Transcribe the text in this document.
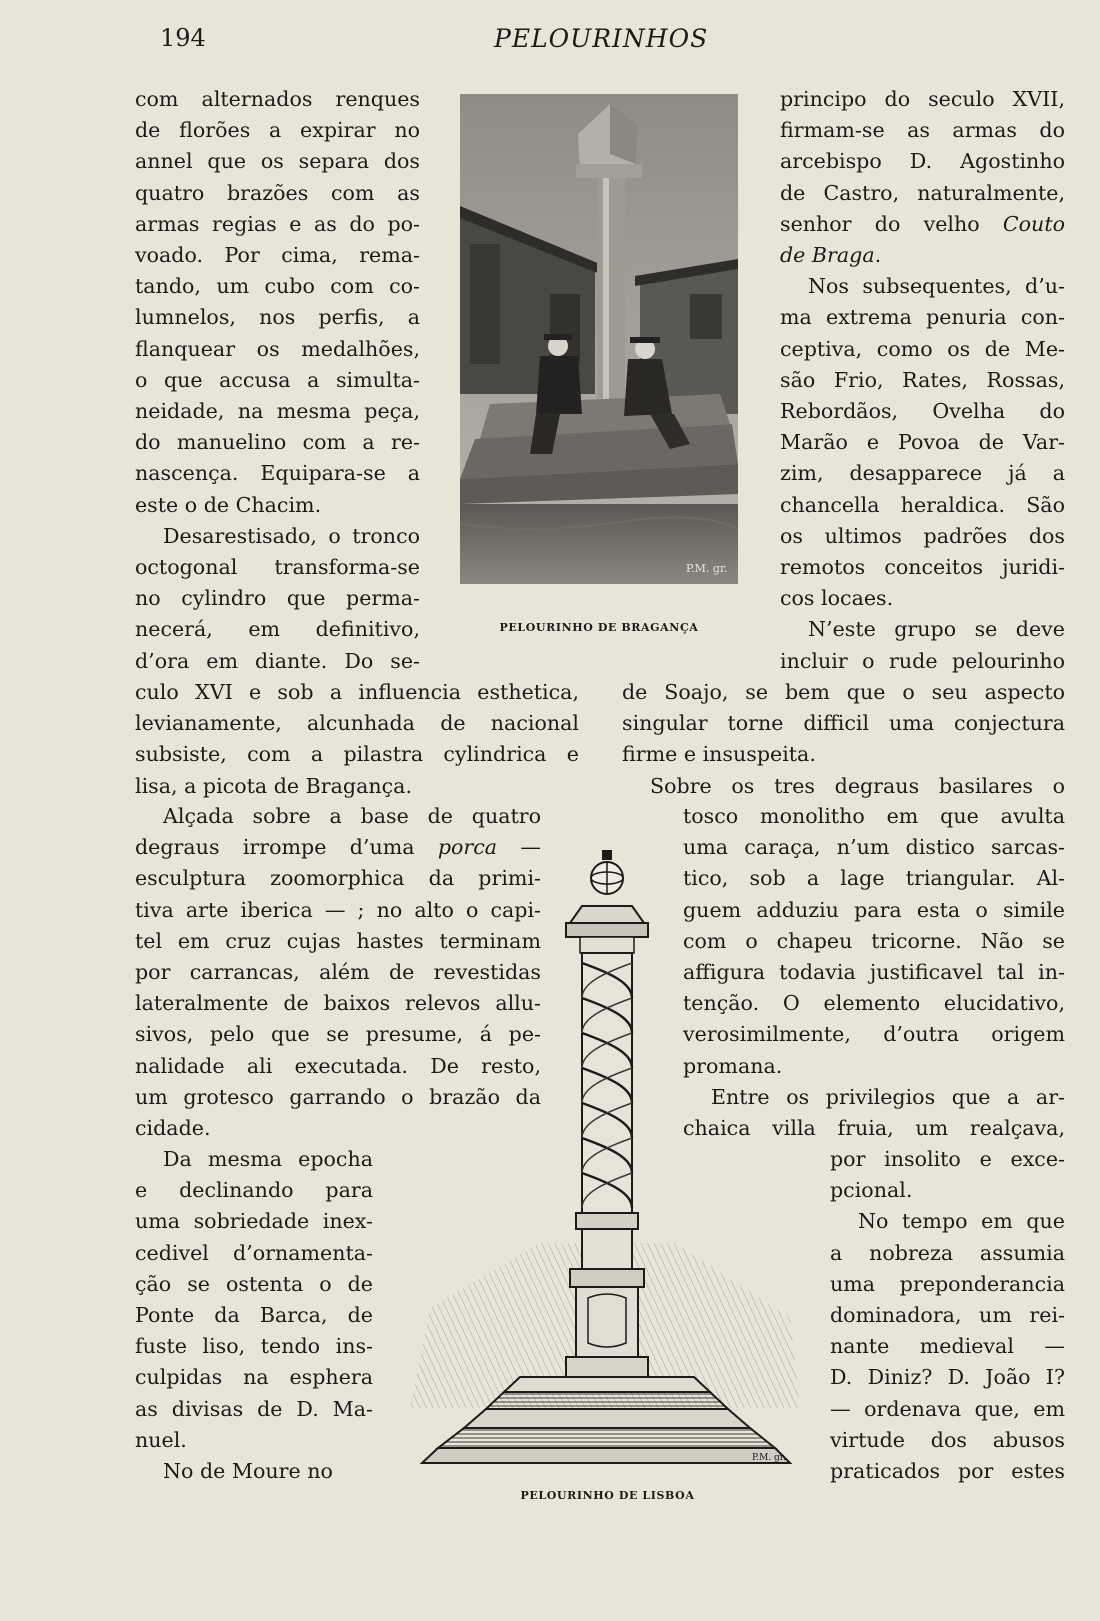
194	PELOURINHOS

com alternados renques

de florões a expirar no

annel que os separa dos

quatro brazões com as

armas regias e as do po-

voado. Por cima, rema-

tando, um cubo com co-

lumnelos, nos perfis, a

flanquear os medalhões,

o que accusa a simulta-

neidade, na mesma peça,

do manuelino com a re-

nascença. Equipara-se a

este o de Chacim.

Desarestisado, o tronco

octogonal transforma-se

no cylindro que perma-

necerá, em definitivo,

d’ora em diante. Do se-

culo XVI e sob a influencia esthetica,

levianamente, alcunhada de nacional

subsiste, com a pilastra cylindrica e

lisa, a picota de Bragança.

Alçada sobre a base de quatro

degraus irrompe d’uma porca —

esculptura zoomorphica da primi-

tiva arte iberica — ; no alto o capi-

tel em cruz cujas hastes terminam

por carrancas, além de revestidas

lateralmente de baixos relevos allu-

sivos, pelo que se presume, á pe-

nalidade ali executada. De resto,

um grotesco garrando o brazão da

cidade.

Da mesma epocha

e declinando para

uma sobriedade inex-

cedivel d’ornamenta-

ção se ostenta o de

Ponte da Barca, de

fuste liso, tendo ins-

culpidas na esphera

as divisas de D. Ma-

nuel.

No de Moure no

principo do seculo XVII,

firmam-se as armas do

arcebispo D. Agostinho

de Castro, naturalmente,

senhor do velho Couto

de Braga.

Nos subsequentes, d’u-

ma extrema penuria con-

ceptiva, como os de Me-

são Frio, Rates, Rossas,

Rebordãos, Ovelha do

Marão e Povoa de Var-

zim, desapparece já a

chancella heraldica. São

os ultimos padrões dos

remotos conceitos juridi-

cos locaes.

N’este grupo se deve

incluir o rude pelourinho

de Soajo, se bem que o seu aspecto

singular torne difficil uma conjectura

firme e insuspeita.

Sobre os tres degraus basilares o

tosco monolitho em que avulta

uma caraça, n’um distico sarcas-

tico, sob a lage triangular. Al-

guem adduziu para esta o simile

com o chapeu tricorne. Não se

affigura todavia justificavel tal in-

tenção. O elemento elucidativo,

verosimilmente, d’outra origem

promana.

Entre os privilegios que a ar-

chaica villa fruia, um realçava,

por insolito e exce-

pcional.

No tempo em que

a nobreza assumia

uma preponderancia

dominadora, um rei-

nante medieval —

D. Diniz? D. João I?

— ordenava que, em

virtude dos abusos

praticados por estes

P.M. gr.
PELOURINHO DE BRAGANÇA
P.M. gr.
PELOURINHO DE LISBOA
